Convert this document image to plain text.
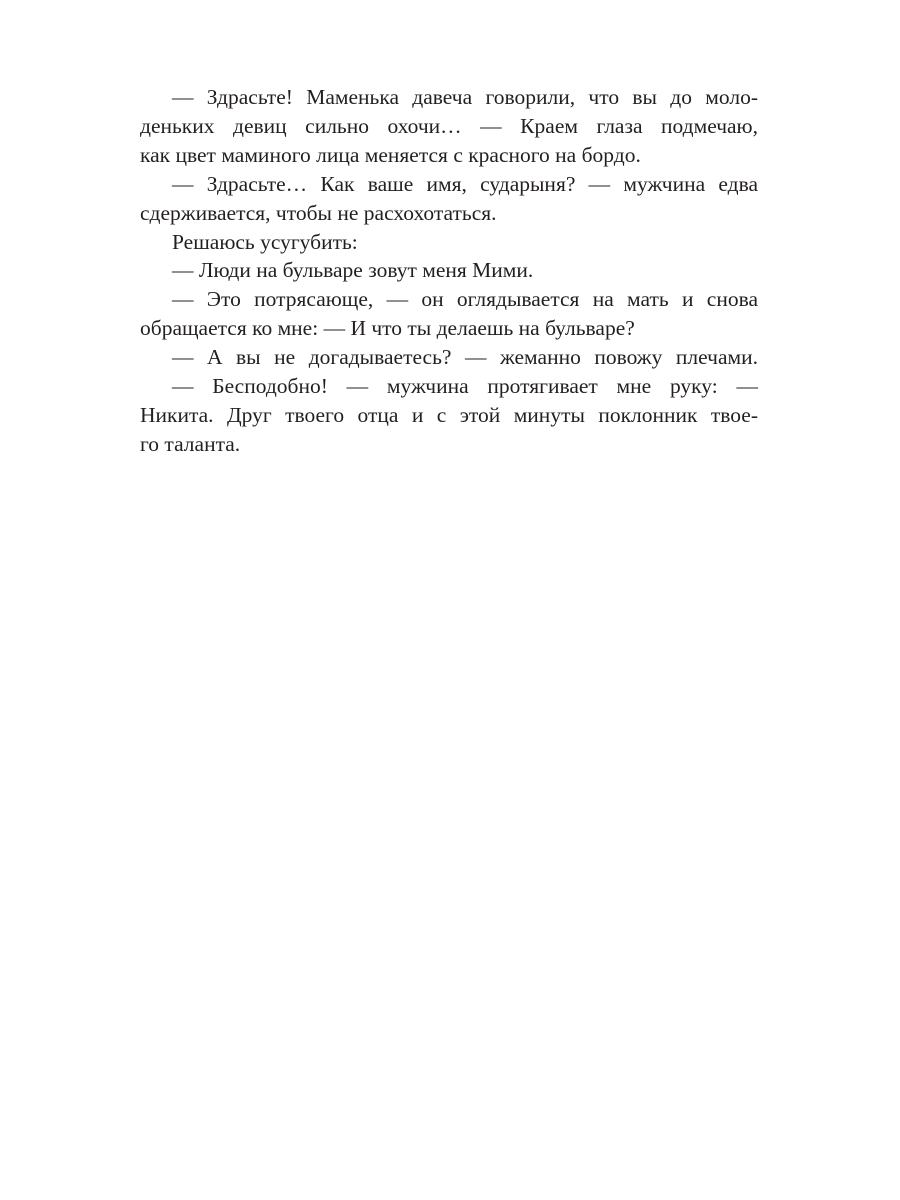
— Здрасьте! Маменька давеча говорили, что вы до моло-
деньких девиц сильно охочи… — Краем глаза подмечаю,
как цвет маминого лица меняется с красного на бордо.
— Здрасьте… Как ваше имя, сударыня? — мужчина едва
сдерживается, чтобы не расхохотаться.
Решаюсь усугубить:
— Люди на бульваре зовут меня Мими.
— Это потрясающе, — он оглядывается на мать и снова
обращается ко мне: — И что ты делаешь на бульваре?
— А вы не догадываетесь? — жеманно повожу плечами.
— Бесподобно! — мужчина протягивает мне руку: —
Никита. Друг твоего отца и с этой минуты поклонник твое-
го таланта.
